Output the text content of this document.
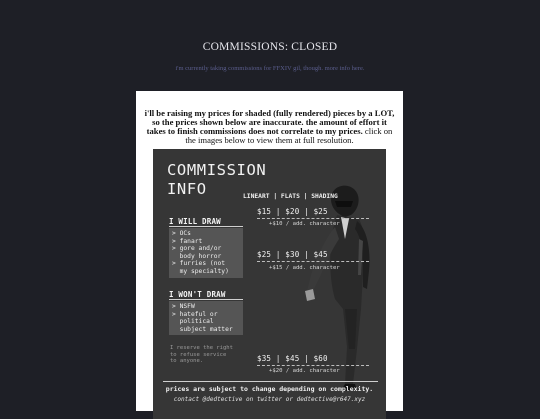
COMMISSIONS: CLOSED
i'm currently taking commissions for FFXIV gil, though. more info here.
i'll be raising my prices for shaded (fully rendered) pieces by a LOT, so the prices shown below are inaccurate. the amount of effort it takes to finish commissions does not correlate to my prices. click on the images below to view them at full resolution.
COMMISSION
INFO	LINEART | FLATS | SHADING
$15 | $20 | $25
+$10 / add. character
$25 | $30 | $45
+$15 / add. character
$35 | $45 | $60
+$20 / add. character
I WILL DRAW
> OCs
> fanart
> gore and/or
body horror
> furries (not
my specialty)
I WON'T DRAW
> NSFW
> hateful or
political
subject matter
I reserve the right
to refuse service
to anyone.
prices are subject to change depending on complexity.
contact @dedtective on twitter or dedtective@r647.xyz
